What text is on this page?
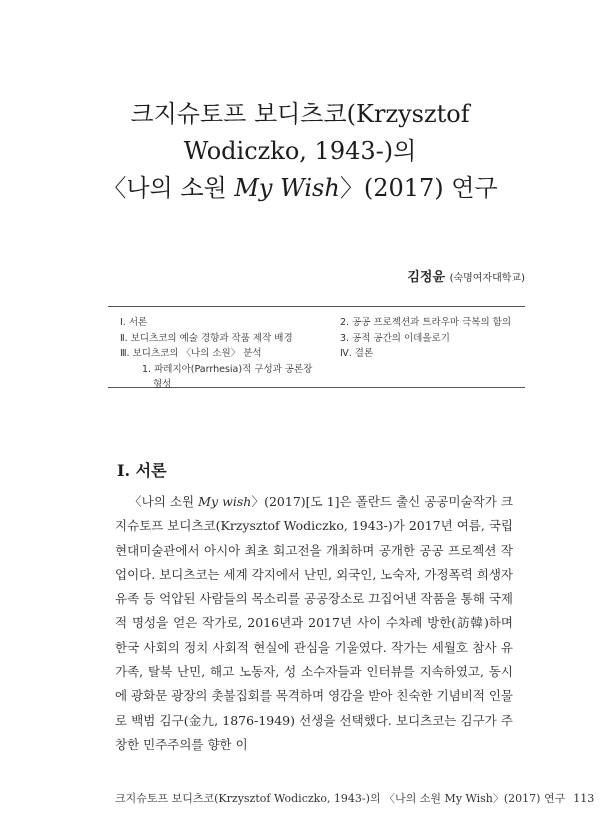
크지슈토프 보디츠코(Krzysztof
Wodiczko, 1943-)의
〈나의 소원 My Wish〉(2017) 연구
김정윤 (숙명여자대학교)
Ⅰ. 서론
Ⅱ. 보디츠코의 예술 경향과 작품 제작 배경
Ⅲ. 보디츠코의 〈나의 소원〉 분석
1. 파레지아(Parrhesia)적 구성과 공론장
형성
2. 공공 프로젝션과 트라우마 극복의 함의
3. 공적 공간의 이데올로기
Ⅳ. 결론
Ⅰ. 서론

〈나의 소원 My wish〉(2017)[도 1]은 폴란드 출신 공공미술작가 크지슈토프 보디츠코(Krzysztof Wodiczko, 1943-)가 2017년 여름, 국립현대미술관에서 아시아 최초 회고전을 개최하며 공개한 공공 프로젝션 작업이다. 보디츠코는 세계 각지에서 난민, 외국인, 노숙자, 가정폭력 희생자 유족 등 억압된 사람들의 목소리를 공공장소로 끄집어낸 작품을 통해 국제적 명성을 얻은 작가로, 2016년과 2017년 사이 수차례 방한(訪韓)하며 한국 사회의 정치 사회적 현실에 관심을 기울였다. 작가는 세월호 참사 유가족, 탈북 난민, 해고 노동자, 성 소수자들과 인터뷰를 지속하였고, 동시에 광화문 광장의 촛불집회를 목격하며 영감을 받아 친숙한 기념비적 인물로 백범 김구(金九, 1876-1949) 선생을 선택했다. 보디츠코는 김구가 주창한 민주주의를 향한 이

크지슈토프 보디츠코(Krzysztof Wodiczko, 1943-)의 〈나의 소원 My Wish〉(2017) 연구 113
